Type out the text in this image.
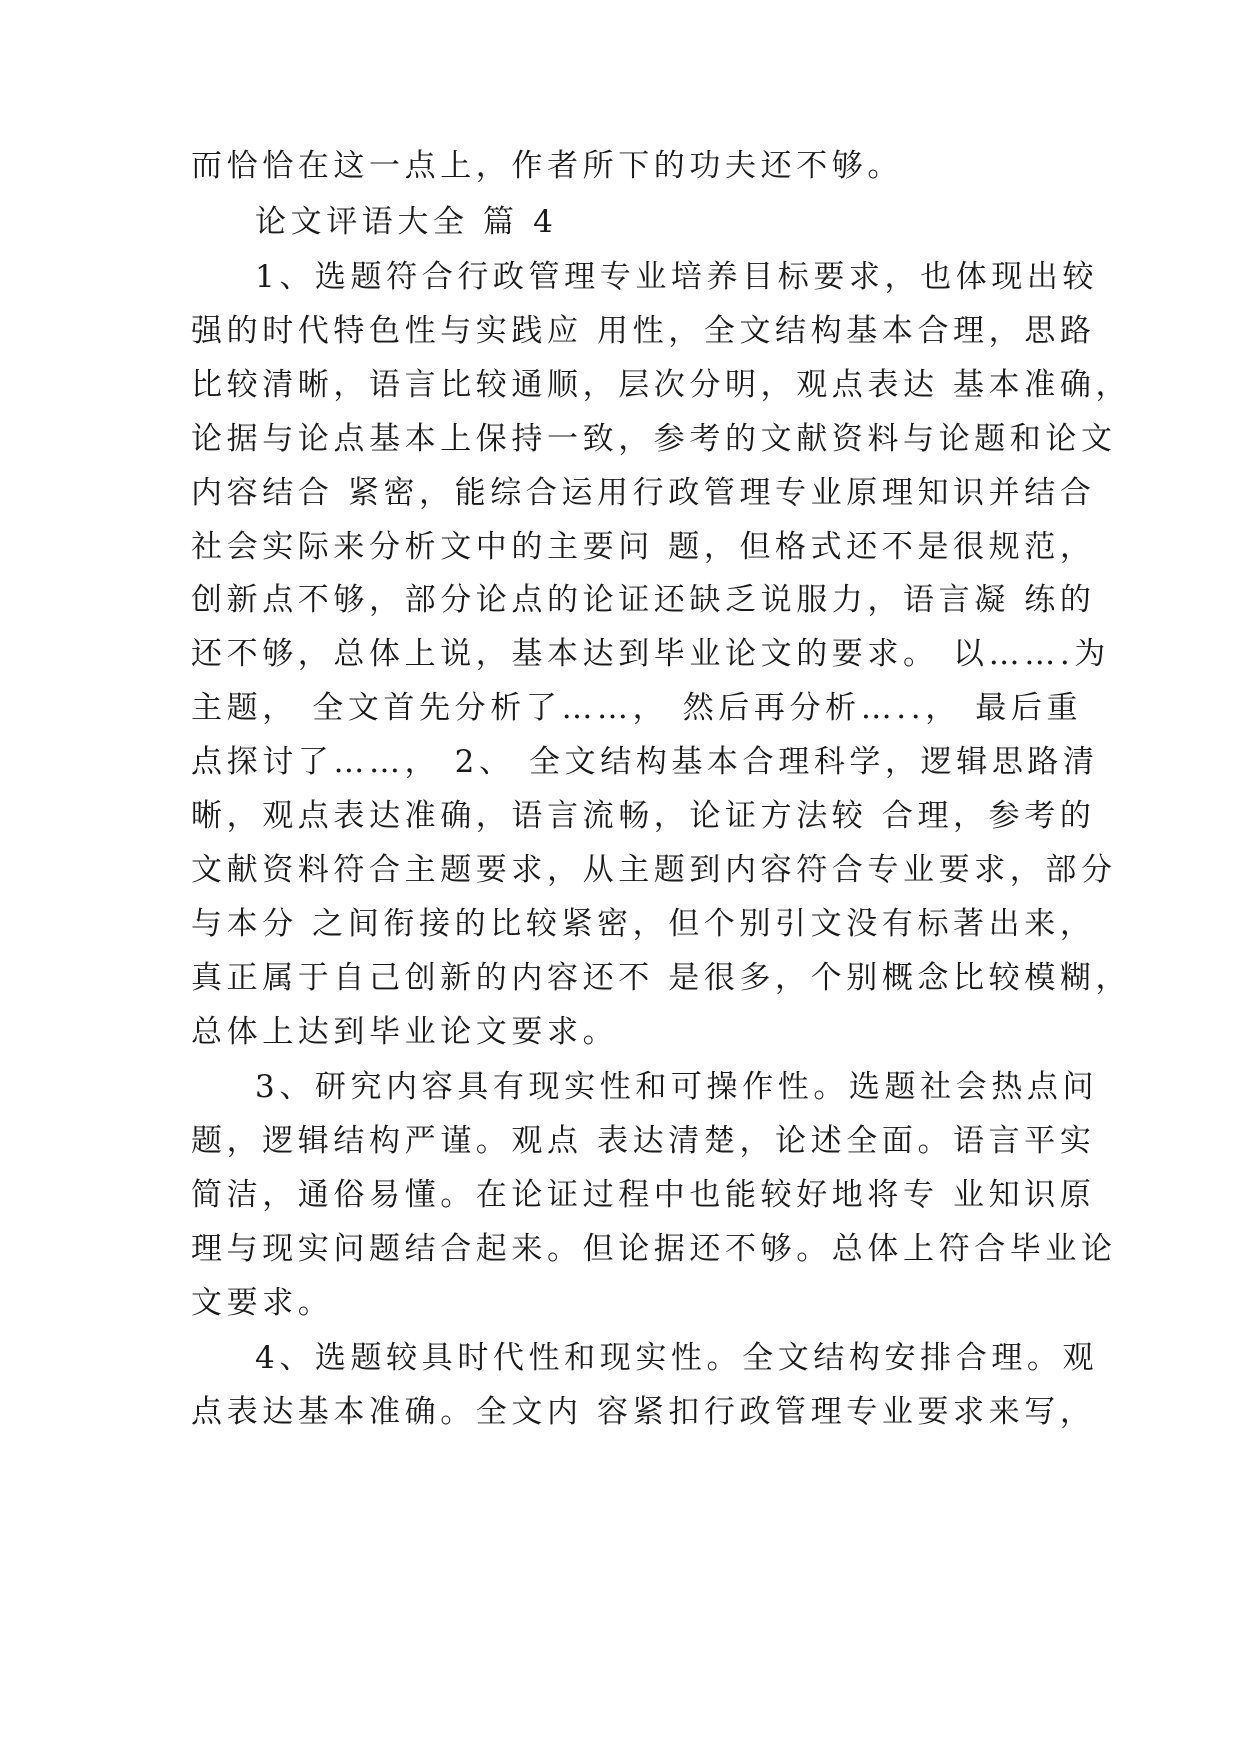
而恰恰在这一点上，作者所下的功夫还不够。
论文评语大全 篇 4
1、选题符合行政管理专业培养目标要求，也体现出较
强的时代特色性与实践应 用性，全文结构基本合理，思路
比较清晰，语言比较通顺，层次分明，观点表达 基本准确，
论据与论点基本上保持一致，参考的文献资料与论题和论文
内容结合 紧密，能综合运用行政管理专业原理知识并结合
社会实际来分析文中的主要问 题，但格式还不是很规范，
创新点不够，部分论点的论证还缺乏说服力，语言凝 练的
还不够，总体上说，基本达到毕业论文的要求。 以…….为
主题， 全文首先分析了……， 然后再分析…..， 最后重
点探讨了……， 2、 全文结构基本合理科学，逻辑思路清
晰，观点表达准确，语言流畅，论证方法较 合理，参考的
文献资料符合主题要求，从主题到内容符合专业要求，部分
与本分 之间衔接的比较紧密，但个别引文没有标著出来，
真正属于自己创新的内容还不 是很多，个别概念比较模糊，
总体上达到毕业论文要求。
3、研究内容具有现实性和可操作性。选题社会热点问
题，逻辑结构严谨。观点 表达清楚，论述全面。语言平实
简洁，通俗易懂。在论证过程中也能较好地将专 业知识原
理与现实问题结合起来。但论据还不够。总体上符合毕业论
文要求。
4、选题较具时代性和现实性。全文结构安排合理。观
点表达基本准确。全文内 容紧扣行政管理专业要求来写，
